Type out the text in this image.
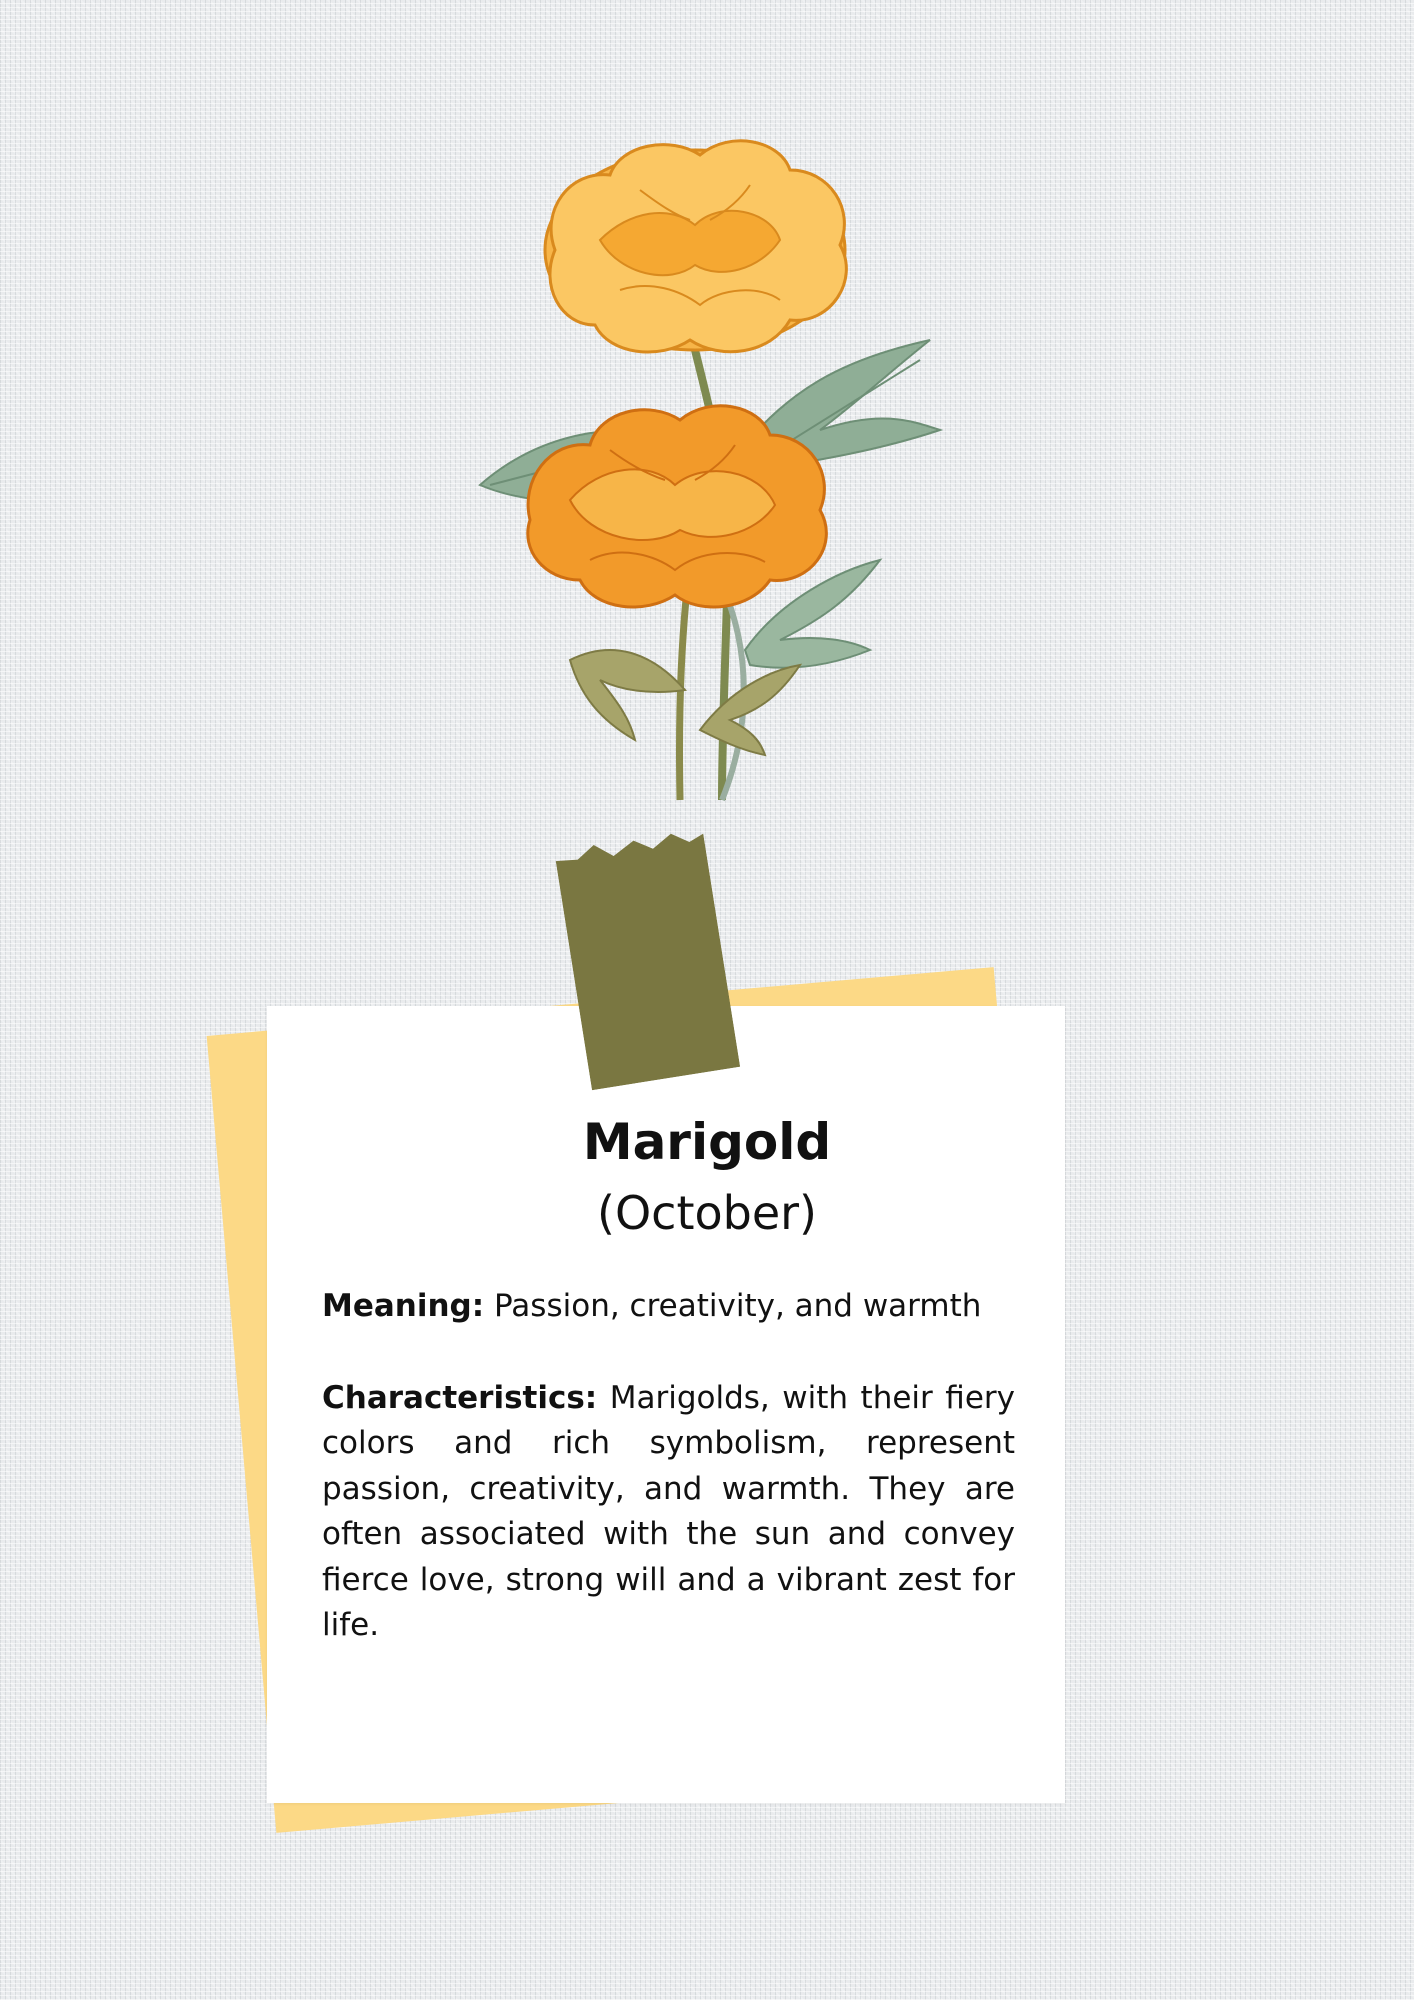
Marigold
(October)

Meaning: Passion, creativity, and warmth

Characteristics: Marigolds, with their fiery colors and rich symbolism, represent passion, creativity, and warmth. They are often associated with the sun and convey fierce love, strong will and a vibrant zest for life.
